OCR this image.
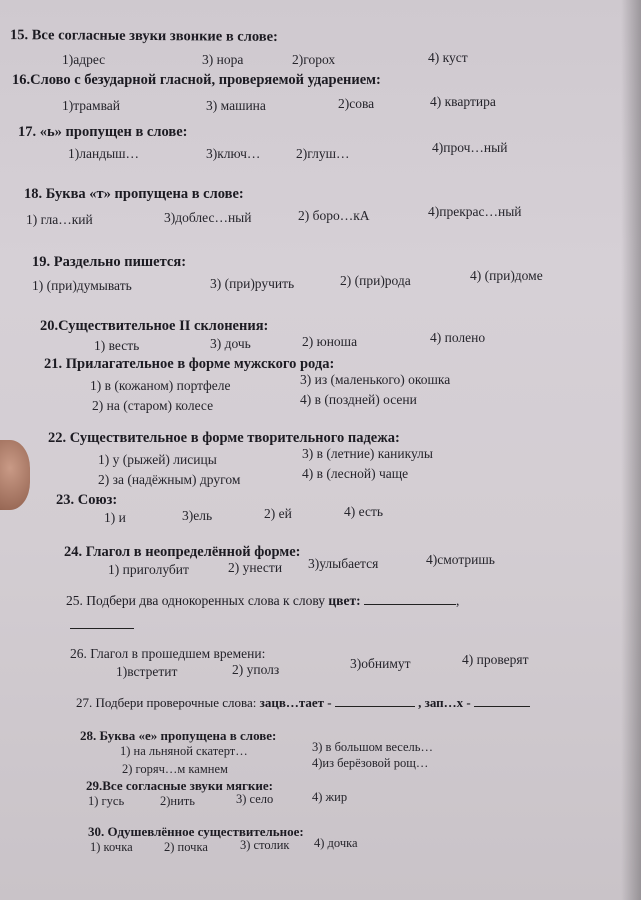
15. Все согласные звуки звонкие в слове:
1)адрес	3) нора	2)горох	4) куст
16.Слово с безударной гласной, проверяемой ударением:
1)трамвай	3) машина	2)сова	4) квартира
17. «ь» пропущен в слове:
1)ландыш…	3)ключ…	2)глуш…	4)проч…ный
18. Буква «т» пропущена в слове:
1) гла…кий	3)доблес…ный	2) боро…кА	4)прекрас…ный
19. Раздельно пишется:
1) (при)думывать	3) (при)ручить	2) (при)рода	4) (при)доме
20.Существительное II склонения:
1) весть	3) дочь	2) юноша	4) полено
21. Прилагательное в форме мужского рода:
1) в (кожаном) портфеле	3) из (маленького) окошка
2) на (старом) колесе	4) в (поздней) осени
22. Существительное в форме творительного падежа:
1) у (рыжей) лисицы	3) в (летние) каникулы
2) за (надёжным) другом	4) в (лесной) чаще
23. Союз:
1) и	3)ель	2) ей	4) есть
24. Глагол в неопределённой форме:
1) приголубит	2) унести 3)улыбается	4)смотришь
25. Подбери два однокоренных слова к слову цвет:	,
26. Глагол в прошедшем времени:
1)встретит	2) уполз	3)обнимут	4) проверят
27. Подбери проверочные слова: зацв…тает -	, зап…х -
28. Буква «е» пропущена в слове:
1) на льняной скатерт…	3) в большом весель…
2) горяч…м камнем	4)из берёзовой рощ…
29.Все согласные звуки мягкие:
1) гусь	2)нить	3) село	4) жир
30. Одушевлённое существительное:
1) кочка	2) почка	3) столик 4) дочка
